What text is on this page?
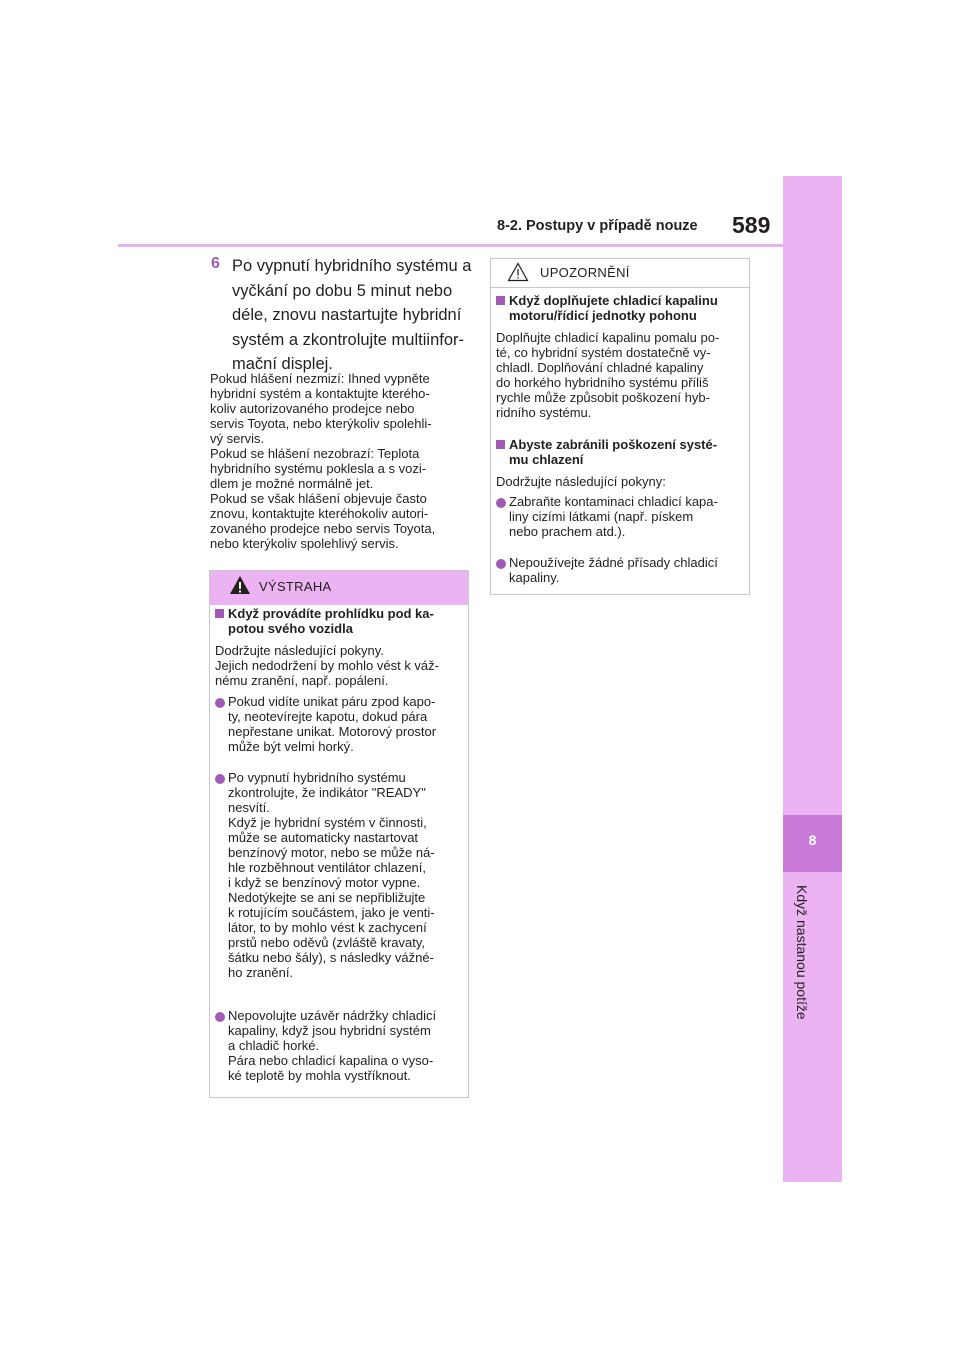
8-2. Postupy v případě nouze 589
8
Když nastanou potíže
6 Po vypnutí hybridního systému a vyčkání po dobu 5 minut nebo déle, znovu nastartujte hybridní systém a zkontrolujte multiinfor-mační displej.
Pokud hlášení nezmizí: Ihned vypněte
hybridní systém a kontaktujte kterého-
koliv autorizovaného prodejce nebo
servis Toyota, nebo kterýkoliv spolehli-
vý servis.
Pokud se hlášení nezobrazí: Teplota
hybridního systému poklesla a s vozi-
dlem je možné normálně jet.
Pokud se však hlášení objevuje často
znovu, kontaktujte kteréhokoliv autori-
zovaného prodejce nebo servis Toyota,
nebo kterýkoliv spolehlivý servis.
VÝSTRAHA
Když provádíte prohlídku pod ka-
potou svého vozidla
Dodržujte následující pokyny.
Jejich nedodržení by mohlo vést k váž-
nému zranění, např. popálení.
Pokud vidíte unikat páru zpod kapo-
ty, neotevírejte kapotu, dokud pára
nepřestane unikat. Motorový prostor
může být velmi horký.
Po vypnutí hybridního systému
zkontrolujte, že indikátor "READY"
nesvítí.
Když je hybridní systém v činnosti,
může se automaticky nastartovat
benzínový motor, nebo se může ná-
hle rozběhnout ventilátor chlazení,
i když se benzínový motor vypne.
Nedotýkejte se ani se nepřibližujte
k rotujícím součástem, jako je venti-
látor, to by mohlo vést k zachycení
prstů nebo oděvů (zvláště kravaty,
šátku nebo šály), s následky vážné-
ho zranění.
Nepovolujte uzávěr nádržky chladicí
kapaliny, když jsou hybridní systém
a chladič horké.
Pára nebo chladicí kapalina o vyso-
ké teplotě by mohla vystříknout.
UPOZORNĚNÍ
Když doplňujete chladicí kapalinu
motoru/řídicí jednotky pohonu
Doplňujte chladicí kapalinu pomalu po-
té, co hybridní systém dostatečně vy-
chladl. Doplňování chladné kapaliny
do horkého hybridního systému příliš
rychle může způsobit poškození hyb-
ridního systému.
Abyste zabránili poškození systé-
mu chlazení
Dodržujte následující pokyny:
Zabraňte kontaminaci chladicí kapa-
liny cizími látkami (např. pískem
nebo prachem atd.).
Nepoužívejte žádné přísady chladicí
kapaliny.
